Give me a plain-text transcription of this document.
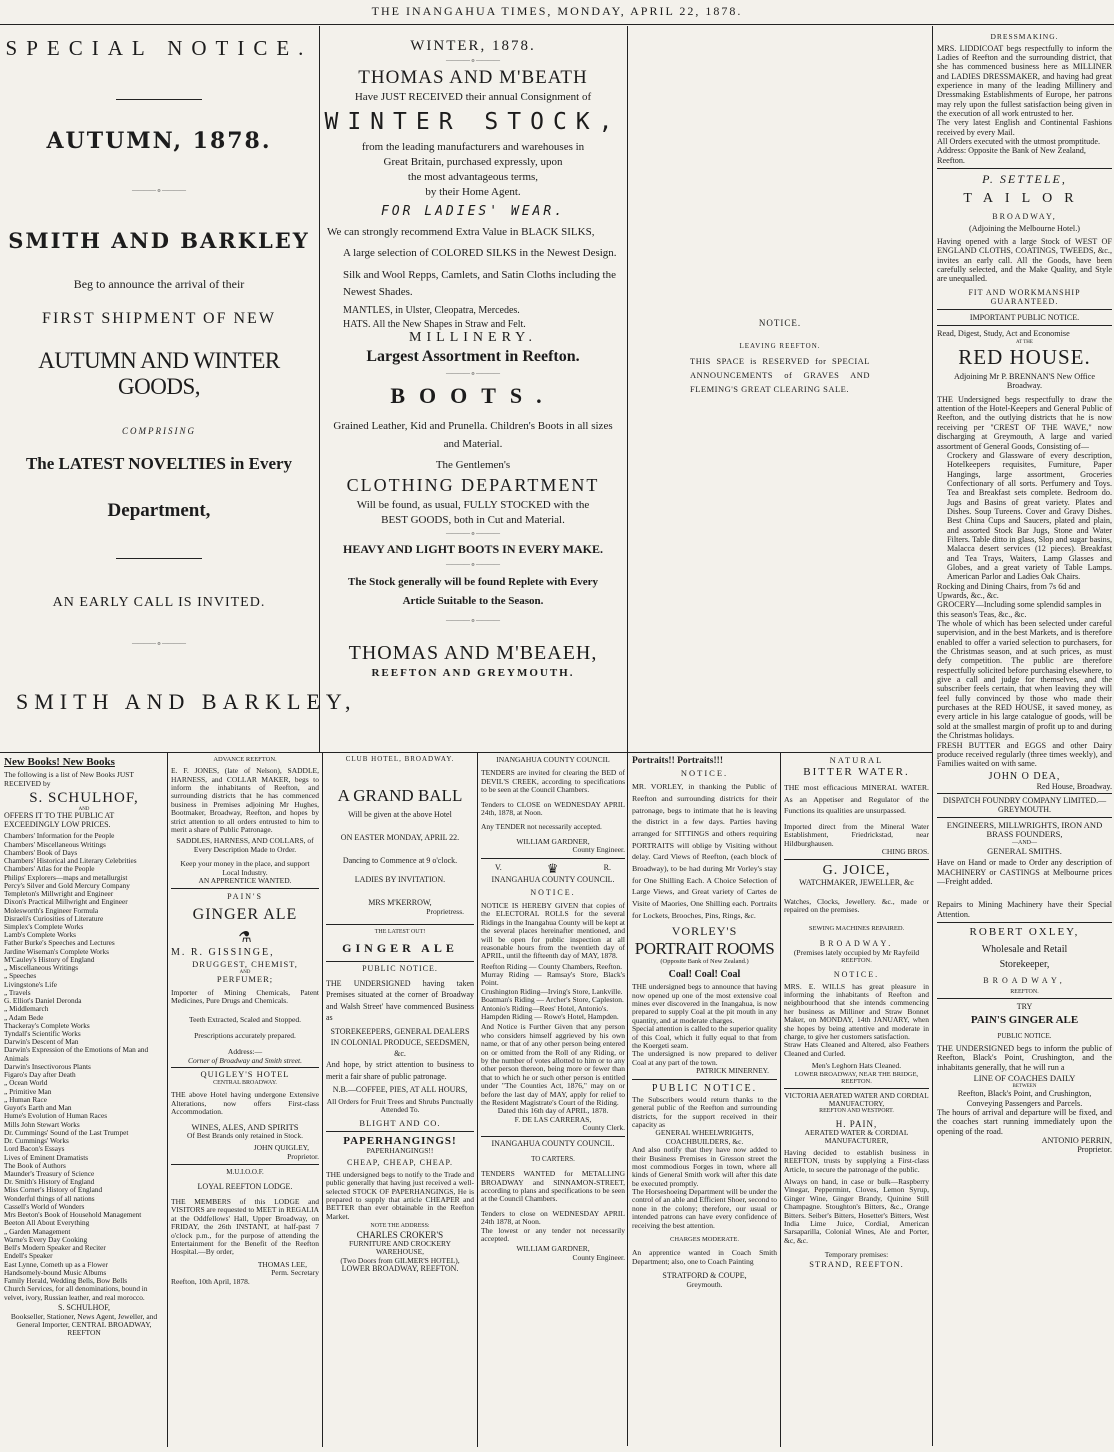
THE INANGAHUA TIMES, MONDAY, APRIL 22, 1878.
SPECIAL NOTICE.
AUTUMN, 1878.
———— o ————
SMITH AND BARKLEY
Beg to announce the arrival of their
FIRST SHIPMENT OF NEW
AUTUMN AND WINTER GOODS,
COMPRISING
The LATEST NOVELTIES in Every
Department,
AN EARLY CALL IS INVITED.
———— o ————
SMITH AND BARKLEY,
WINTER, 1878.
———— o ————
THOMAS AND M'BEATH
Have JUST RECEIVED their annual Consignment of
WINTER STOCK,
from the leading manufacturers and warehouses in
Great Britain, purchased expressly, upon
the most advantageous terms,
by their Home Agent.
FOR LADIES' WEAR.
We can strongly recommend Extra Value in BLACK SILKS,
A large selection of COLORED SILKS in the Newest Design.
Silk and Wool Repps, Camlets, and Satin Cloths including the Newest Shades.
MANTLES, in Ulster, Cleopatra, Mercedes.
HATS. All the New Shapes in Straw and Felt.
MILLINERY.
Largest Assortment in Reefton.
———— o ————
BOOTS.
Grained Leather, Kid and Prunella. Children's Boots in all sizes and Material.
The Gentlemen's
CLOTHING DEPARTMENT
Will be found, as usual, FULLY STOCKED with the
BEST GOODS, both in Cut and Material.
———— o ————
HEAVY AND LIGHT BOOTS IN EVERY MAKE.
———— o ————
The Stock generally will be found Replete with Every Article Suitable to the Season.
———— o ————
THOMAS AND M'BEAEH,
REEFTON AND GREYMOUTH.
NOTICE.
LEAVING REEFTON.
THIS SPACE is RESERVED for SPECIAL ANNOUNCEMENTS of GRAVES AND FLEMING'S GREAT CLEARING SALE.
DRESSMAKING.
MRS. LIDDICOAT begs respectfully to inform the Ladies of Reefton and the surrounding district, that she has commenced business here as MILLINER and LADIES DRESSMAKER, and having had great experience in many of the leading Millinery and Dressmaking Establishments of Europe, her patrons may rely upon the fullest satisfaction being given in the execution of all work entrusted to her.
The very latest English and Continental Fashions received by every Mail.
All Orders executed with the utmost promptitude.
Address: Opposite the Bank of New Zealand, Reefton.
P. SETTELE,
TAILOR
BROADWAY,
(Adjoining the Melbourne Hotel.)
Having opened with a large Stock of WEST OF ENGLAND CLOTHS, COATINGS, TWEEDS, &c., invites an early call. All the Goods, have been carefully selected, and the Make Quality, and Style are unequalled.
FIT AND WORKMANSHIP GUARANTEED.
IMPORTANT PUBLIC NOTICE.
Read, Digest, Study, Act and Economise
AT THE
RED HOUSE.
Adjoining Mr P. BRENNAN'S New Office Broadway.
THE Undersigned begs respectfully to draw the attention of the Hotel-Keepers and General Public of Reefton, and the outlying districts that he is now receiving per "CREST OF THE WAVE," now discharging at Greymouth, A large and varied assortment of General Goods, Consisting of—
Crockery and Glassware of every description, Hotelkeepers requisites, Furniture, Paper Hangings, large assortment, Groceries Confectionary of all sorts. Perfumery and Toys. Tea and Breakfast sets complete. Bedroom do. Jugs and Basins of great variety. Plates and Dishes. Soup Tureens. Cover and Gravy Dishes. Best China Cups and Saucers, plated and plain, and assorted Stock Bar Jugs, Stone and Water Filters. Table ditto in glass, Slop and sugar basins, Malacca desert services (12 pieces). Breakfast and Tea Trays, Waiters, Lamp Glasses and Globes, and a great variety of Table Lamps. American Parlor and Ladies Oak Chairs.
Rocking and Dining Chairs, from 7s 6d and Upwards, &c., &c.
GROCERY—Including some splendid samples in this season's Teas, &c., &c.
The whole of which has been selected under careful supervision, and in the best Markets, and is therefore enabled to offer a varied selection to purchasers, for the Christmas season, and at such prices, as must defy competition. The public are therefore respectfully solicited before purchasing elsewhere, to give a call and judge for themselves, and the subscriber feels certain, that when leaving they will feel fully convinced by those who made their purchases at the RED HOUSE, it saved money, as every article in his large catalogue of goods, will be sold at the smallest margin of profit up to and during the Christmas holidays.
FRESH BUTTER and EGGS and other Dairy produce received regularly (three times weekly), and Families waited on with same.
JOHN O DEA,
Red House, Broadway.
DISPATCH FOUNDRY COMPANY LIMITED.—GREYMOUTH.
ENGINEERS, MILLWRIGHTS, IRON AND BRASS FOUNDERS,
—AND—
GENERAL SMITHS.
Have on Hand or made to Order any description of MACHINERY or CASTINGS at Melbourne prices—Freight added.
Repairs to Mining Machinery have their Special Attention.
ROBERT OXLEY,
Wholesale and Retail
Storekeeper,
BROADWAY,
REEFTON.
TRY
PAIN'S GINGER ALE
PUBLIC NOTICE.
THE UNDERSIGNED begs to inform the public of Reefton, Black's Point, Crushington, and the inhabitants generally, that he will run a
LINE OF COACHES DAILY
BETWEEN
Reefton, Black's Point, and Crushington,
Conveying Passengers and Parcels.
The hours of arrival and departure will be fixed, and the coaches start running immediately upon the opening of the road.
ANTONIO PERRIN,
Proprietor.
New Books! New Books
The following is a list of New Books JUST RECEIVED by
S. SCHULHOF,
AND
OFFERS IT TO THE PUBLIC AT EXCEEDINGLY LOW PRICES.
Chambers' Information for the People
Chambers' Miscellaneous Writings
Chambers' Book of Days
Chambers' Historical and Literary Celebrities
Chambers' Atlas for the People
Philips' Explorers—maps and metallurgist
Percy's Silver and Gold Mercury Company
Templeton's Millwright and Engineer
Dixon's Practical Millwright and Engineer
Molesworth's Engineer Formula
Disraeli's Curiosities of Literature
Simplex's Complete Works
Lamb's Complete Works
Father Burke's Speeches and Lectures
Jardine Wiseman's Complete Works
M'Cauley's History of England
„ Miscellaneous Writings
„ Speeches
Livingstone's Life
„ Travels
G. Elliot's Daniel Deronda
„ Middlemarch
„ Adam Bede
Thackeray's Complete Works
Tyndall's Scientific Works
Darwin's Descent of Man
Darwin's Expression of the Emotions of Man and Animals
Darwin's Insectivorous Plants
Figaro's Day after Death
„ Ocean World
„ Primitive Man
„ Human Race
Guyot's Earth and Man
Hume's Evolution of Human Races
Mills John Stewart Works
Dr. Cummings' Sound of the Last Trumpet
Dr. Cummings' Works
Lord Bacon's Essays
Lives of Eminent Dramatists
The Book of Authors
Maunder's Treasury of Science
Dr. Smith's History of England
Miss Corner's History of England
Wonderful things of all nations
Cassell's World of Wonders
Mrs Beeton's Book of Household Management
Beeton All About Everything
„ Garden Management
Warne's Every Day Cooking
Bell's Modern Speaker and Reciter
Endell's Speaker
East Lynne, Cometh up as a Flower
Handsomely-bound Music Albums
Family Herald, Wedding Bells, Bow Bells
Church Services, for all denominations, bound in velvet, ivory, Russian leather, and real morocco.
S. SCHULHOF,
Bookseller, Stationer, News Agent, Jeweller, and General Importer, CENTRAL BROADWAY, REEFTON
ADVANCE REEFTON.
E. F. JONES, (late of Nelson), SADDLE, HARNESS, and COLLAR MAKER, begs to inform the inhabitants of Reefton, and surrounding districts that he has commenced business in Premises adjoining Mr Hughes, Bootmaker, Broadway, Reefton, and hopes by strict attention to all orders entrusted to him to merit a share of Public Patronage.
SADDLES, HARNESS, AND COLLARS, of Every Description Made to Order.
Keep your money in the place, and support Local Industry.
AN APPRENTICE WANTED.
PAIN'S
GINGER ALE
⚗
M. R. GISSINGE,
DRUGGEST, CHEMIST,
AND
PERFUMER;
Importer of Mining Chemicals, Patent Medicines, Pure Drugs and Chemicals.
Teeth Extracted, Scaled and Stopped.
Prescriptions accurately prepared.
Address:—
Corner of Broadway and Smith street.
QUIGLEY'S HOTEL
CENTRAL BROADWAY.
THE above Hotel having undergone Extensive Alterations, now offers First-class Accommodation.
WINES, ALES, AND SPIRITS
Of Best Brands only retained in Stock.
JOHN QUIGLEY,
Proprietor.
M.U.I.O.O.F.
LOYAL REEFTON LODGE.
THE MEMBERS of this LODGE and VISITORS are requested to MEET in REGALIA at the Oddfellows' Hall, Upper Broadway, on FRIDAY, the 26th INSTANT, at half-past 7 o'clock p.m., for the purpose of attending the Entertainment for the Benefit of the Reefton Hospital.—By order,
THOMAS LEE,
Perm. Secretary
Reefton, 10th April, 1878.
CLUB HOTEL, BROADWAY.
A GRAND BALL
Will be given at the above Hotel
ON EASTER MONDAY, APRIL 22.
Dancing to Commence at 9 o'clock.
LADIES BY INVITATION.
MRS M'KERROW,
Proprietress.
THE LATEST OUT!
GINGER ALE
PUBLIC NOTICE.
THE UNDERSIGNED having taken Premises situated at the corner of Broadway and Walsh Street' have commenced Business as
STOREKEEPERS, GENERAL DEALERS IN COLONIAL PRODUCE, SEEDSMEN, &c.
And hope, by strict attention to business to merit a fair share of public patronage.
N.B.—COFFEE, PIES, AT ALL HOURS,
All Orders for Fruit Trees and Shrubs Punctually Attended To.
BLIGHT AND CO.
PAPERHANGINGS!
PAPERHANGINGS!!
CHEAP, CHEAP, CHEAP.
THE undersigned begs to notify to the Trade and public generally that having just received a well-selected STOCK OF PAPERHANGINGS, He is prepared to supply that article CHEAPER and BETTER than ever obtainable in the Reefton Market.
NOTE THE ADDRESS:
CHARLES CROKER'S
FURNITURE AND CROCKERY WAREHOUSE,
(Two Doors from GILMER'S HOTEL),
LOWER BROADWAY, REEFTON.
INANGAHUA COUNTY COUNCIL
TENDERS are invited for clearing the BED of DEVIL'S CREEK, according to specifications to be seen at the Council Chambers.
Tenders to CLOSE on WEDNESDAY APRIL 24th, 1878, at Noon.
Any TENDER not necessarily accepted.
WILLIAM GARDNER,
County Engineer.
V.	♛	R.
INANGAHUA COUNTY COUNCIL.
NOTICE.
NOTICE IS HEREBY GIVEN that copies of the ELECTORAL ROLLS for the several Ridings in the Inangahua County will be kept at the several places hereinafter mentioned, and will be open for public inspection at all reasonable hours from the twentieth day of APRIL, until the fifteenth day of MAY, 1878.
Reefton Riding — County Chambers, Reefton.
Murray Riding — Ramsay's Store, Black's Point.
Crushington Riding—Irving's Store, Lankville.
Boatman's Riding — Archer's Store, Capleston.
Antonio's Riding—Rees' Hotel, Antonio's.
Hampden Riding — Rowe's Hotel, Hampden.
And Notice is Further Given that any person who considers himself aggrieved by his own name, or that of any other person being entered on or omitted from the Roll of any Riding, or by the number of votes allotted to him or to any other person thereon, being more or fewer than that to which he or such other person is entitled under "The Counties Act, 1876," may on or before the last day of MAY, apply for relief to the Resident Magistrate's Court of the Riding.
Dated this 16th day of APRIL, 1878.
F. DE LAS CARRERAS,
County Clerk.
INANGAHUA COUNTY COUNCIL.
TO CARTERS.
TENDERS WANTED for METALLING BROADWAY and SINNAMON-STREET, according to plans and specifications to be seen at the Council Chambers.
Tenders to close on WEDNESDAY APRIL 24th 1878, at Noon.
The lowest or any tender not necessarily accepted.
WILLIAM GARDNER,
County Engineer.
Portraits!! Portraits!!!
NOTICE.
MR. VORLEY, in thanking the Public of Reefton and surrounding districts for their patronage, begs to intimate that he is leaving the district in a few days. Parties having arranged for SITTINGS and others requiring PORTRAITS will oblige by Visiting without delay. Card Views of Reefton, (each block of Broadway), to be had during Mr Vorley's stay for One Shilling Each. A Choice Selection of Large Views, and Great variety of Cartes de Visite of Maories, One Shilling each. Portraits for Lockets, Brooches, Pins, Rings, &c.
VORLEY'S
PORTRAIT ROOMS
(Opposite Bank of New Zealand.)
Coal! Coal! Coal
THE undersigned begs to announce that having now opened up one of the most extensive coal mines ever discovered in the Inangahua, is now prepared to supply Coal at the pit mouth in any quantity, and at moderate charges.
Special attention is called to the superior quality of this Coal, which it fully equal to that from the Koergeti seam.
The undersigned is now prepared to deliver Coal at any part of the town.
PATRICK MINERNEY.
PUBLIC NOTICE.
The Subscribers would return thanks to the general public of the Reefton and surrounding districts, for the support received in their capacity as
GENERAL WHEELWRIGHTS, COACHBUILDERS, &c.
And also notify that they have now added to their Business Premises in Gresson street the most commodious Forges in town, where all kinds of General Smith work will after this date be executed promptly.
The Horseshoeing Department will be under the control of an able and Efficient Shoer, second to none in the colony; therefore, our usual or intended patrons can have every confidence of receiving the best attention.
CHARGES MODERATE.
An apprentice wanted in Coach Smith Department; also, one to Coach Painting
STRATFORD & COUPE,
Greymouth.
NATURAL
BITTER WATER.
THE most efficacious MINERAL WATER. As an Appetiser and Regulator of the Functions its qualities are unsurpassed.
Imported direct from the Mineral Water Establishment, Friedrickstad, near Hildburghausen.
CHING BROS.
G. JOICE,
WATCHMAKER, JEWELLER, &c
Watches, Clocks, Jewellery. &c., made or repaired on the premises.
SEWING MACHINES REPAIRED.
BROADWAY.
(Premises lately occupied by Mr Rayfeild
REEFTON.
NOTICE.
MRS. E. WILLS has great pleasure in informing the inhabitants of Reefton and neighbourhood that she intends commencing her business as Milliner and Straw Bonnet Maker, on MONDAY, 14th JANUARY, when she hopes by being attentive and moderate in charge, to give her customers satisfaction.
Straw Hats Cleaned and Altered, also Feathers Cleaned and Curled.
Men's Leghorn Hats Cleaned.
LOWER BROADWAY, NEAR THE BRIDGE,
REEFTON.
VICTORIA AERATED WATER AND CORDIAL MANUFACTORY,
REEFTON AND WESTPORT.
H. PAIN,
AERATED WATER & CORDIAL MANUFACTURER,
Having decided to establish business in REEFTON, trusts by supplying a First-class Article, to secure the patronage of the public.
Always on hand, in case or bulk—Raspberry Vinegar, Peppermint, Cloves, Lemon Syrup, Ginger Wine, Ginger Brandy, Quinine Still Champagne. Stoughton's Bitters, &c., Orange Bitters. Seiber's Bitters, Hosetter's Bitters, West India Lime Juice, Cordial, American Sarsaparilla, Colonial Wines, Ale and Porter, &c, &c.
Temporary premises:
STRAND, REEFTON.
